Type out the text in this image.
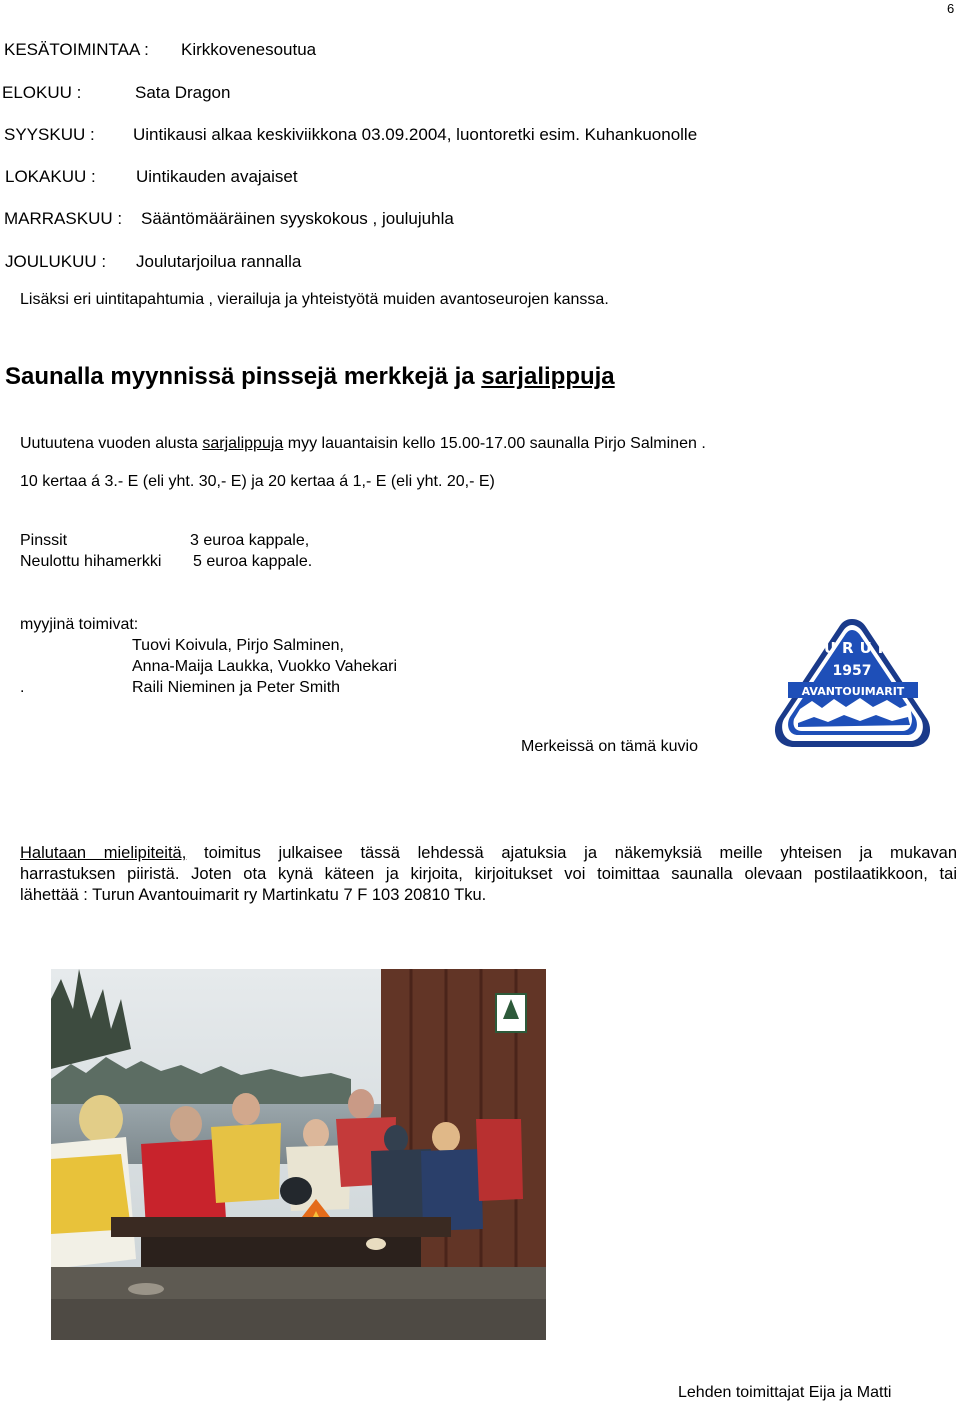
6
KESÄTOIMINTAA : Kirkkovenesoutua
ELOKUU :	Sata Dragon
SYYSKUU : Uintikausi alkaa keskiviikkona 03.09.2004, luontoretki esim. Kuhankuonolle
LOKAKUU : Uintikauden avajaiset
MARRASKUU : Sääntömääräinen syyskokous , joulujuhla
JOULUKUU : Joulutarjoilua rannalla
Lisäksi eri uintitapahtumia , vierailuja ja yhteistyötä muiden avantoseurojen kanssa.
Saunalla myynnissä pinssejä merkkejä ja sarjalippuja
Uutuutena vuoden alusta sarjalippuja myy lauantaisin kello 15.00-17.00 saunalla Pirjo Salminen .
10 kertaa á 3.- E (eli yht. 30,- E) ja 20 kertaa á 1,- E (eli yht. 20,- E)
Pinssit	3 euroa kappale,
Neulottu hihamerkki 5 euroa kappale.
myyjinä toimivat:
Tuovi Koivula, Pirjo Salminen,
Anna-Maija Laukka, Vuokko Vahekari
.	Raili Nieminen ja Peter Smith
TURUN
1957
AVANTOUIMARIT
Merkeissä on tämä kuvio
Halutaan mielipiteitä, toimitus julkaisee tässä lehdessä ajatuksia ja näkemyksiä meille yhteisen ja mukavan
harrastuksen piiristä. Joten ota kynä käteen ja kirjoita, kirjoitukset voi toimittaa saunalla olevaan postilaatikkoon, tai
lähettää : Turun Avantouimarit ry Martinkatu 7 F 103 20810 Tku.
Lehden toimittajat Eija ja Matti
